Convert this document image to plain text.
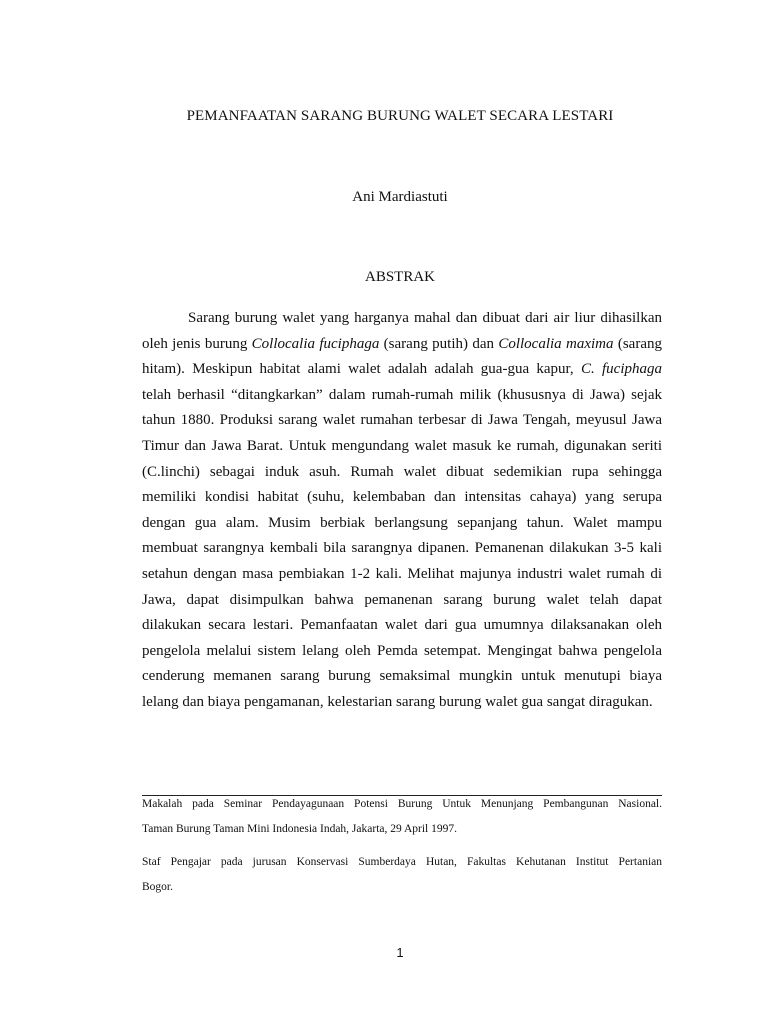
PEMANFAATAN SARANG BURUNG WALET SECARA LESTARI
Ani Mardiastuti
ABSTRAK
Sarang burung walet yang harganya mahal dan dibuat dari air liur dihasilkan
oleh jenis burung Collocalia fuciphaga (sarang putih) dan Collocalia maxima (sarang
hitam). Meskipun habitat alami walet adalah adalah gua-gua kapur, C. fuciphaga
telah berhasil “ditangkarkan” dalam rumah-rumah milik (khususnya di Jawa) sejak
tahun 1880. Produksi sarang walet rumahan terbesar di Jawa Tengah, meyusul Jawa
Timur dan Jawa Barat. Untuk mengundang walet masuk ke rumah, digunakan seriti
(C.linchi) sebagai induk asuh. Rumah walet dibuat sedemikian rupa sehingga
memiliki kondisi habitat (suhu, kelembaban dan intensitas cahaya) yang serupa
dengan gua alam. Musim berbiak berlangsung sepanjang tahun. Walet mampu
membuat sarangnya kembali bila sarangnya dipanen. Pemanenan dilakukan 3-5 kali
setahun dengan masa pembiakan 1-2 kali. Melihat majunya industri walet rumah di
Jawa, dapat disimpulkan bahwa pemanenan sarang burung walet telah dapat
dilakukan secara lestari. Pemanfaatan walet dari gua umumnya dilaksanakan oleh
pengelola melalui sistem lelang oleh Pemda setempat. Mengingat bahwa pengelola
cenderung memanen sarang burung semaksimal mungkin untuk menutupi biaya
lelang dan biaya pengamanan, kelestarian sarang burung walet gua sangat diragukan.
Makalah pada Seminar Pendayagunaan Potensi Burung Untuk Menunjang Pembangunan Nasional.
Taman Burung Taman Mini Indonesia Indah, Jakarta, 29 April 1997.
Staf Pengajar pada jurusan Konservasi Sumberdaya Hutan, Fakultas Kehutanan Institut Pertanian
Bogor.
1
